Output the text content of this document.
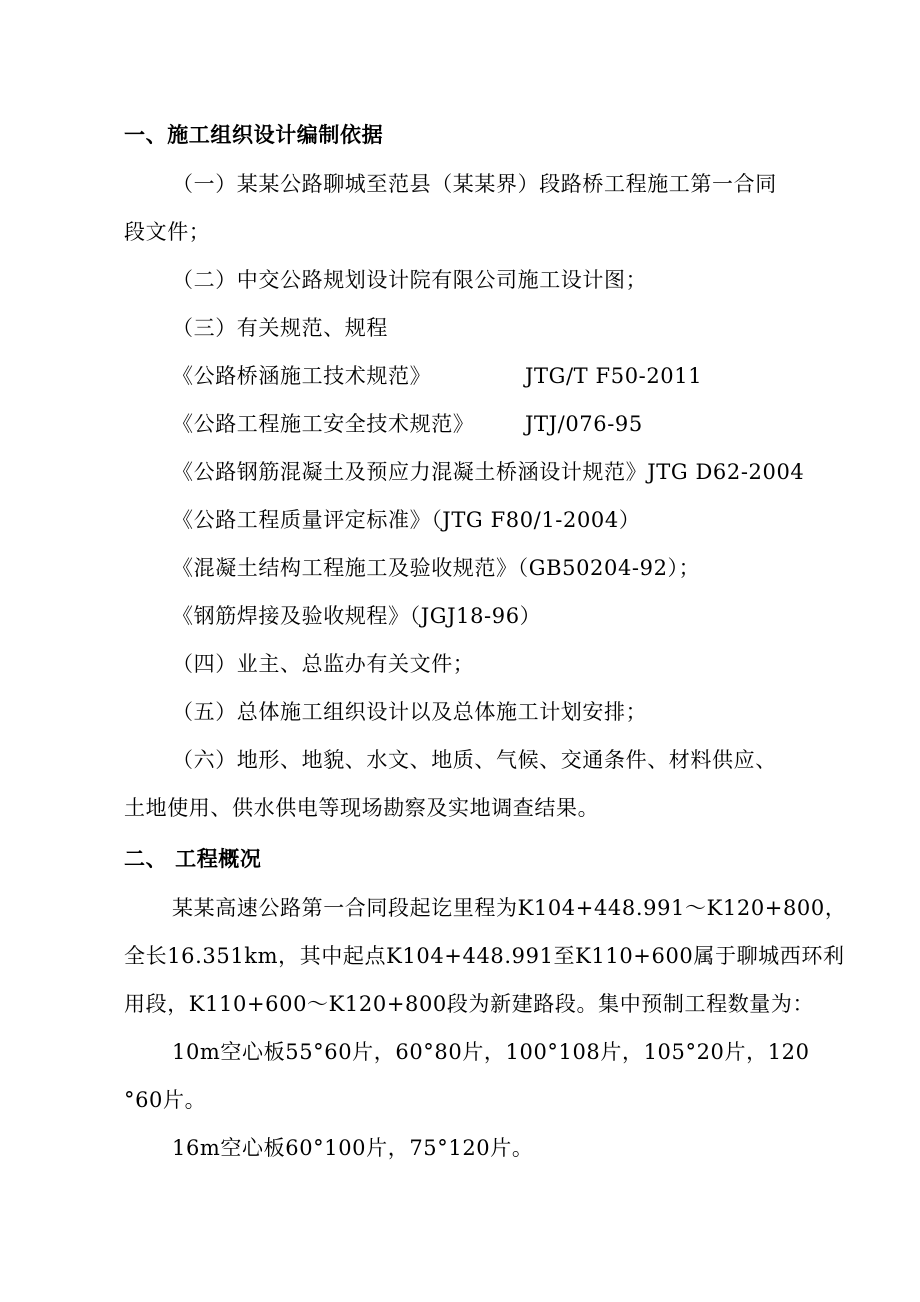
一、施工组织设计编制依据
（一）某某公路聊城至范县（某某界）段路桥工程施工第一合同
段文件；
（二）中交公路规划设计院有限公司施工设计图；
（三）有关规范、规程
《公路桥涵施工技术规范》	JTG/T F50-2011
《公路工程施工安全技术规范》 JTJ/076-95
《公路钢筋混凝土及预应力混凝土桥涵设计规范》JTG D62-2004
《公路工程质量评定标准》（JTG F80/1-2004）
《混凝土结构工程施工及验收规范》（GB50204-92）；
《钢筋焊接及验收规程》（JGJ18-96）
（四）业主、总监办有关文件；
（五）总体施工组织设计以及总体施工计划安排；
（六）地形、地貌、水文、地质、气候、交通条件、材料供应、
土地使用、供水供电等现场勘察及实地调查结果。
二、 工程概况
某某高速公路第一合同段起讫里程为K104+448.991～K120+800，
全长16.351km，其中起点K104+448.991至K110+600属于聊城西环利
用段，K110+600～K120+800段为新建路段。集中预制工程数量为：
10m空心板55°60片，60°80片，100°108片，105°20片，120
°60片。
16m空心板60°100片，75°120片。
